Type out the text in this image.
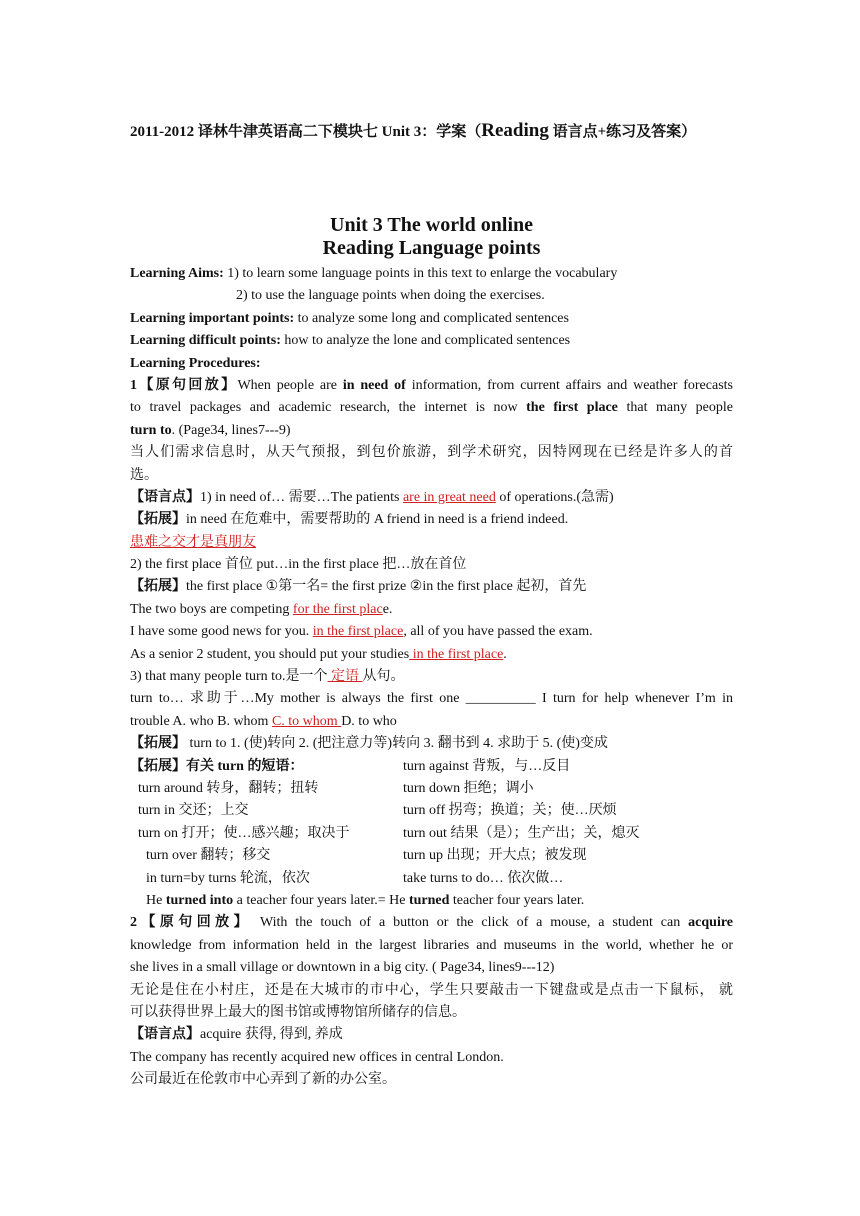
2011-2012 译林牛津英语高二下模块七 Unit 3：学案（Reading 语言点+练习及答案）
Unit 3 The world online
Reading Language points
Learning Aims: 1) to learn some language points in this text to enlarge the vocabulary
2) to use the language points when doing the exercises.
Learning important points: to analyze some long and complicated sentences
Learning difficult points: how to analyze the lone and complicated sentences
Learning Procedures:
1【原句回放】When people are in need of information, from current affairs and weather forecasts
to travel packages and academic research, the internet is now the first place that many people
turn to. (Page34, lines7---9)
当人们需求信息时，从天气预报，到包价旅游，到学术研究，因特网现在已经是许多人的首
选。
【语言点】1) in need of… 需要…The patients are in great need of operations.(急需)
【拓展】in need 在危难中，需要帮助的 A friend in need is a friend indeed.
患难之交才是真朋友
2) the first place 首位 put…in the first place 把…放在首位
【拓展】the first place ①第一名= the first prize ②in the first place 起初，首先
The two boys are competing for the first place.
I have some good news for you. in the first place, all of you have passed the exam.
As a senior 2 student, you should put your studies in the first place.
3) that many people turn to.是一个 定语 从句。
turn to… 求助于…My mother is always the first one __________ I turn for help whenever I’m in
trouble A. who B. whom C. to whom D. to who
【拓展】 turn to 1. (使)转向 2. (把注意力等)转向 3. 翻书到 4. 求助于 5. (使)变成
【拓展】有关 turn 的短语：	turn against 背叛，与…反目
turn around 转身，翻转；扭转	turn down 拒绝；调小
turn in 交还；上交	turn off 拐弯；换道；关；使…厌烦
turn on 打开；使…感兴趣；取决于	turn out 结果（是）；生产出；关，熄灭
turn over 翻转；移交	turn up 出现；开大点；被发现
in turn=by turns 轮流，依次	take turns to do… 依次做…
He turned into a teacher four years later.= He turned teacher four years later.
2【原句回放】 With the touch of a button or the click of a mouse, a student can acquire
knowledge from information held in the largest libraries and museums in the world, whether he or
she lives in a small village or downtown in a big city. ( Page34, lines9---12)
无论是住在小村庄，还是在大城市的市中心，学生只要敲击一下键盘或是点击一下鼠标， 就
可以获得世界上最大的图书馆或博物馆所储存的信息。
【语言点】acquire 获得, 得到, 养成
The company has recently acquired new offices in central London.
公司最近在伦敦市中心弄到了新的办公室。
